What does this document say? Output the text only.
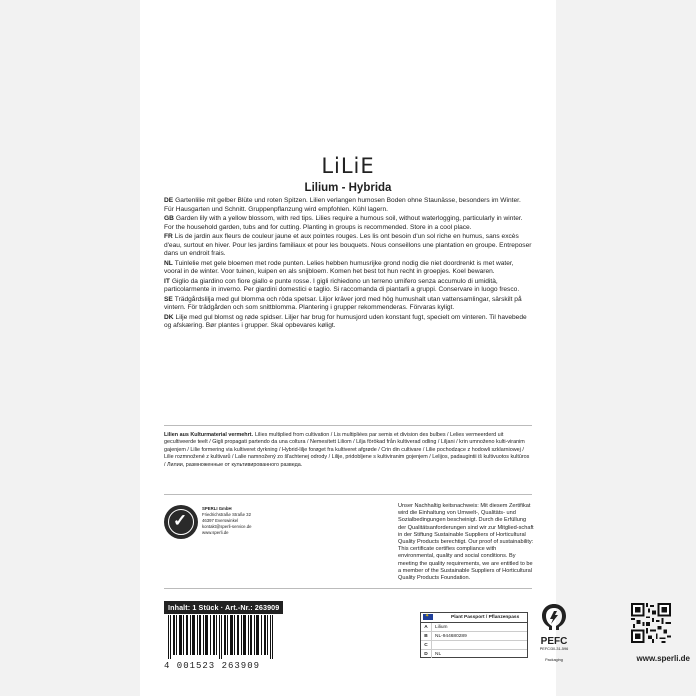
LiLiE
Lilium - Hybrida

DE Gartenlilie mit gelber Blüte und roten Spitzen. Lilien verlangen humosen Boden ohne Staunässe, besonders im Winter. Für Hausgarten und Schnitt. Gruppenpflanzung wird empfohlen. Kühl lagern.

GB Garden lily with a yellow blossom, with red tips. Lilies require a humous soil, without waterlogging, particularly in winter. For the household garden, tubs and for cutting. Planting in groups is recommended. Store in a cool place.

FR Lis de jardin aux fleurs de couleur jaune et aux pointes rouges. Les lis ont besoin d'un sol riche en humus, sans excès d'eau, surtout en hiver. Pour les jardins familiaux et pour les bouquets. Nous conseillons une plantation en groupe. Entreposer dans un endroit frais.

NL Tuinlelie met gele bloemen met rode punten. Lelies hebben humusrijke grond nodig die niet doordrenkt is met water, vooral in de winter. Voor tuinen, kuipen en als snijbloem. Komen het best tot hun recht in groepjes. Koel bewaren.

IT Giglio da giardino con fiore giallo e punte rosse. I gigli richiedono un terreno umifero senza accumulo di umidità, particolarmente in inverno. Per giardini domestici e taglio. Si raccomanda di piantarli a gruppi. Conservare in luogo fresco.

SE Trädgårdslilja med gul blomma och röda spetsar. Liljor kräver jord med hög humushalt utan vattensamlingar, särskilt på vintern. För trädgården och som snittblomma. Plantering i grupper rekommenderas. Förvaras kyligt.

DK Lilje med gul blomst og røde spidser. Liljer har brug for humusjord uden konstant fugt, specielt om vinteren. Til havebede og afskæring. Bør plantes i grupper. Skal opbevares køligt.

Lilien aus Kulturmaterial vermehrt. Lilies multiplied from cultivation / Lis multipliées par semis et division des bulbes / Lelies vermeerderd uit gecultiveerde teelt / Gigli propagati partendo da una coltura / Nemesített Liliom / Lilja förökad från kultiverad odling / Liljani / krin umnoženo kulti-viranim gajenjem / Lilie formering via kultiveret dyrkning / Hybrid-lilje forøget fra kultiveret afgrøde / Crin din cultivare / Lilie pochodzące z hodowli szklarniowej / Lilie rozmnožené z kultivarů / Lalie namnožený zo šľachtenej odrody / Lilije, pridobljene s kultiviranim gojenjem / Lelijos, padaugintii iš kultivuotos kultūros / Лилии, размноженные от культивированного разведа.
✓
SPERLI GmbH
Friedrichstraße Straße 32
46397 Everswinkel
kontakt@sperli-service.de
www.sperli.de
Unser Nachhaltig keitsnachweis: Mit diesem Zertifikat wird die Einhaltung von Umwelt-, Qualitäts- und Sozialbedingungen bescheinigt. Durch die Erfüllung der Qualitätsanforderungen sind wir zur Mitglied-schaft in der Stiftung Sustainable Suppliers of Horticultural Quality Products berechtigt. Our proof of sustainability: This certificate certifies compliance with environmental, quality and social conditions. By meeting the quality requirements, we are entitled to be a member of the Sustainable Suppliers of Horticultural Quality Products Foundation.
Inhalt: 1 Stück · Art.-Nr.: 263909
4 001523 263909
✦
Plant Passport / Pflanzenpass
A	Lilium
B	NL-944680289
C
D	NL
PEFC
PEFC/30-31-596
Packaging	www.sperli.de
